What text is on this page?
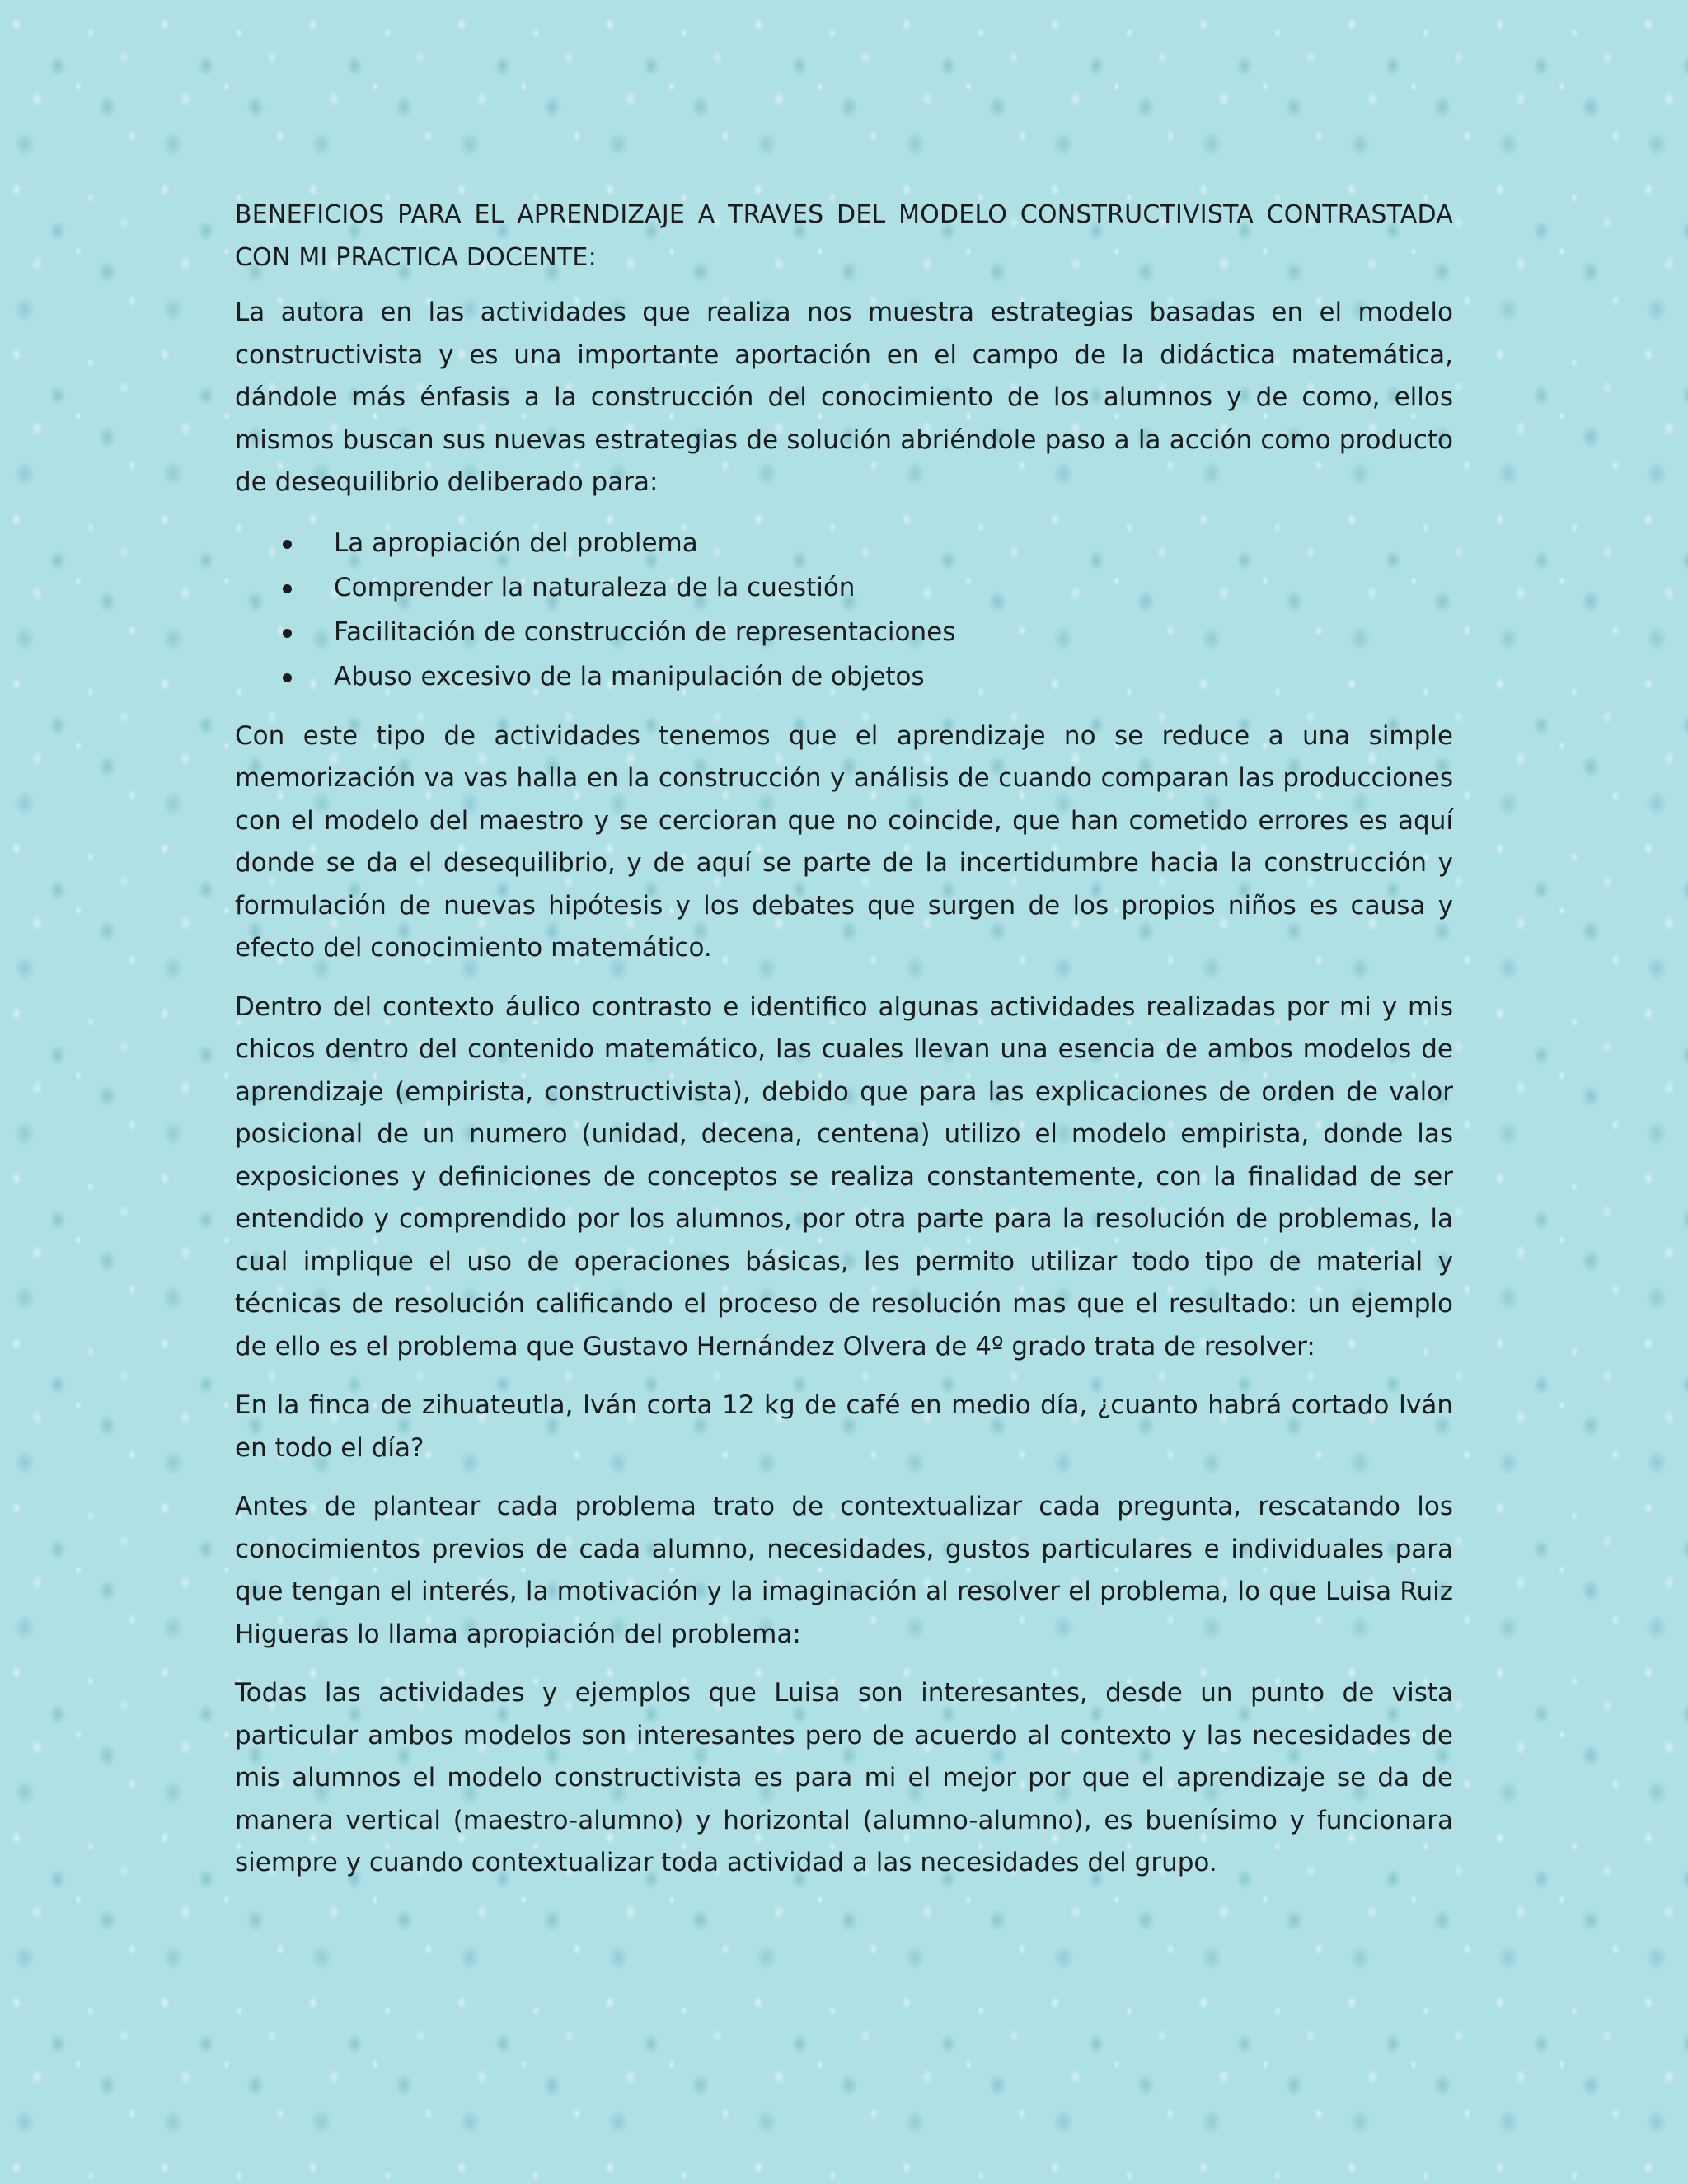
BENEFICIOS PARA EL APRENDIZAJE A TRAVES DEL MODELO CONSTRUCTIVISTA CONTRASTADA CON MI PRACTICA DOCENTE:

La autora en las actividades que realiza nos muestra estrategias basadas en el modelo constructivista y es una importante aportación en el campo de la didáctica matemática, dándole más énfasis a la construcción del conocimiento de los alumnos y de como, ellos mismos buscan sus nuevas estrategias de solución abriéndole paso a la acción como producto de desequilibrio deliberado para:

La apropiación del problema
Comprender la naturaleza de la cuestión
Facilitación de construcción de representaciones
Abuso excesivo de la manipulación de objetos

Con este tipo de actividades tenemos que el aprendizaje no se reduce a una simple memorización va vas halla en la construcción y análisis de cuando comparan las producciones con el modelo del maestro y se cercioran que no coincide, que han cometido errores es aquí donde se da el desequilibrio, y de aquí se parte de la incertidumbre hacia la construcción y formulación de nuevas hipótesis y los debates que surgen de los propios niños es causa y efecto del conocimiento matemático.

Dentro del contexto áulico contrasto e identifico algunas actividades realizadas por mi y mis chicos dentro del contenido matemático, las cuales llevan una esencia de ambos modelos de aprendizaje (empirista, constructivista), debido que para las explicaciones de orden de valor posicional de un numero (unidad, decena, centena) utilizo el modelo empirista, donde las exposiciones y definiciones de conceptos se realiza constantemente, con la finalidad de ser entendido y comprendido por los alumnos, por otra parte para la resolución de problemas, la cual implique el uso de operaciones básicas, les permito utilizar todo tipo de material y técnicas de resolución calificando el proceso de resolución mas que el resultado: un ejemplo de ello es el problema que Gustavo Hernández Olvera de 4º grado trata de resolver:

En la finca de zihuateutla, Iván corta 12 kg de café en medio día, ¿cuanto habrá cortado Iván en todo el día?

Antes de plantear cada problema trato de contextualizar cada pregunta, rescatando los conocimientos previos de cada alumno, necesidades, gustos particulares e individuales para que tengan el interés, la motivación y la imaginación al resolver el problema, lo que Luisa Ruiz Higueras lo llama apropiación del problema:

Todas las actividades y ejemplos que Luisa son interesantes, desde un punto de vista particular ambos modelos son interesantes pero de acuerdo al contexto y las necesidades de mis alumnos el modelo constructivista es para mi el mejor por que el aprendizaje se da de manera vertical (maestro-alumno) y horizontal (alumno-alumno), es buenísimo y funcionara siempre y cuando contextualizar toda actividad a las necesidades del grupo.
